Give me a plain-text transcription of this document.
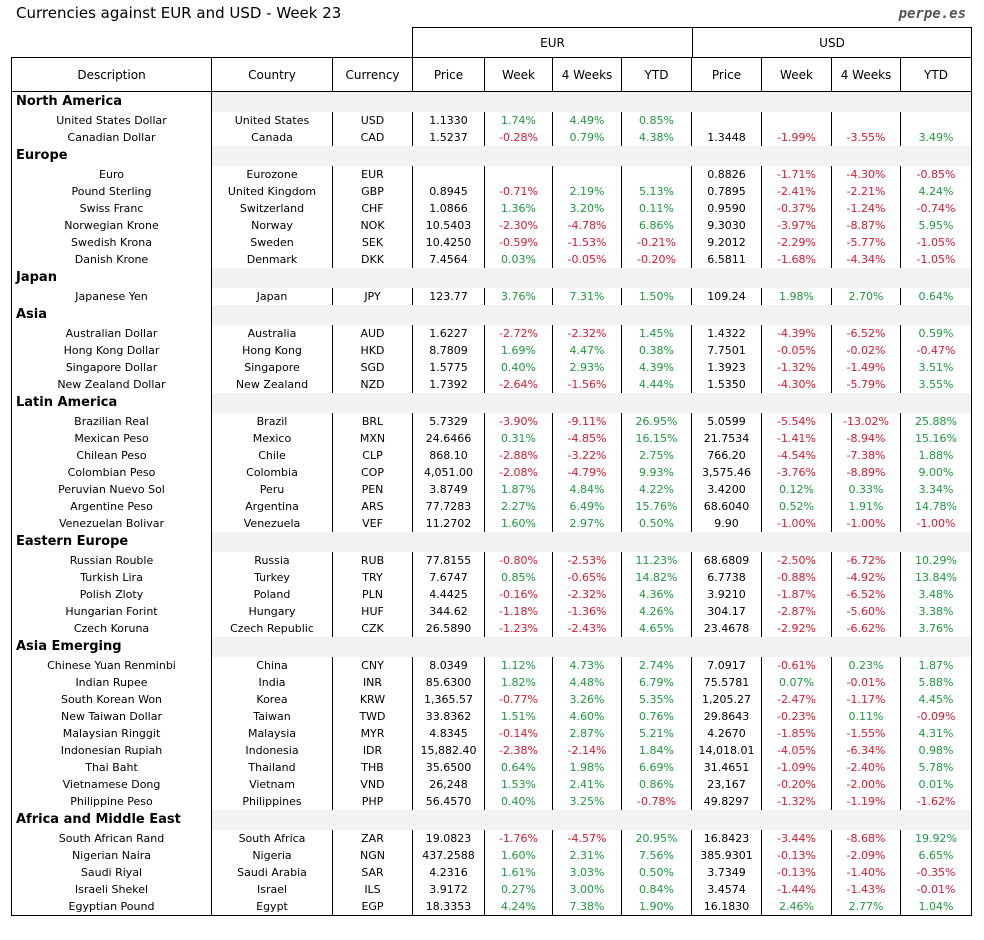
Currencies against EUR and USD - Week 23	perpe.es
EUR	USD
Description	Country	Currency	Price	Week	4 Weeks	YTD	Price	Week	4 Weeks	YTD
North America										
United States Dollar	United States	USD	1.1330	1.74%	4.49%	0.85%				
Canadian Dollar	Canada	CAD	1.5237	-0.28%	0.79%	4.38%	1.3448	-1.99%	-3.55%	3.49%
Europe										
Euro	Eurozone	EUR					0.8826	-1.71%	-4.30%	-0.85%
Pound Sterling	United Kingdom	GBP	0.8945	-0.71%	2.19%	5.13%	0.7895	-2.41%	-2.21%	4.24%
Swiss Franc	Switzerland	CHF	1.0866	1.36%	3.20%	0.11%	0.9590	-0.37%	-1.24%	-0.74%
Norwegian Krone	Norway	NOK	10.5403	-2.30%	-4.78%	6.86%	9.3030	-3.97%	-8.87%	5.95%
Swedish Krona	Sweden	SEK	10.4250	-0.59%	-1.53%	-0.21%	9.2012	-2.29%	-5.77%	-1.05%
Danish Krone	Denmark	DKK	7.4564	0.03%	-0.05%	-0.20%	6.5811	-1.68%	-4.34%	-1.05%
Japan										
Japanese Yen	Japan	JPY	123.77	3.76%	7.31%	1.50%	109.24	1.98%	2.70%	0.64%
Asia										
Australian Dollar	Australia	AUD	1.6227	-2.72%	-2.32%	1.45%	1.4322	-4.39%	-6.52%	0.59%
Hong Kong Dollar	Hong Kong	HKD	8.7809	1.69%	4.47%	0.38%	7.7501	-0.05%	-0.02%	-0.47%
Singapore Dollar	Singapore	SGD	1.5775	0.40%	2.93%	4.39%	1.3923	-1.32%	-1.49%	3.51%
New Zealand Dollar	New Zealand	NZD	1.7392	-2.64%	-1.56%	4.44%	1.5350	-4.30%	-5.79%	3.55%
Latin America										
Brazilian Real	Brazil	BRL	5.7329	-3.90%	-9.11%	26.95%	5.0599	-5.54%	-13.02%	25.88%
Mexican Peso	Mexico	MXN	24.6466	0.31%	-4.85%	16.15%	21.7534	-1.41%	-8.94%	15.16%
Chilean Peso	Chile	CLP	868.10	-2.88%	-3.22%	2.75%	766.20	-4.54%	-7.38%	1.88%
Colombian Peso	Colombia	COP	4,051.00	-2.08%	-4.79%	9.93%	3,575.46	-3.76%	-8.89%	9.00%
Peruvian Nuevo Sol	Peru	PEN	3.8749	1.87%	4.84%	4.22%	3.4200	0.12%	0.33%	3.34%
Argentine Peso	Argentina	ARS	77.7283	2.27%	6.49%	15.76%	68.6040	0.52%	1.91%	14.78%
Venezuelan Bolivar	Venezuela	VEF	11.2702	1.60%	2.97%	0.50%	9.90	-1.00%	-1.00%	-1.00%
Eastern Europe										
Russian Rouble	Russia	RUB	77.8155	-0.80%	-2.53%	11.23%	68.6809	-2.50%	-6.72%	10.29%
Turkish Lira	Turkey	TRY	7.6747	0.85%	-0.65%	14.82%	6.7738	-0.88%	-4.92%	13.84%
Polish Zloty	Poland	PLN	4.4425	-0.16%	-2.32%	4.36%	3.9210	-1.87%	-6.52%	3.48%
Hungarian Forint	Hungary	HUF	344.62	-1.18%	-1.36%	4.26%	304.17	-2.87%	-5.60%	3.38%
Czech Koruna	Czech Republic	CZK	26.5890	-1.23%	-2.43%	4.65%	23.4678	-2.92%	-6.62%	3.76%
Asia Emerging										
Chinese Yuan Renminbi	China	CNY	8.0349	1.12%	4.73%	2.74%	7.0917	-0.61%	0.23%	1.87%
Indian Rupee	India	INR	85.6300	1.82%	4.48%	6.79%	75.5781	0.07%	-0.01%	5.88%
South Korean Won	Korea	KRW	1,365.57	-0.77%	3.26%	5.35%	1,205.27	-2.47%	-1.17%	4.45%
New Taiwan Dollar	Taiwan	TWD	33.8362	1.51%	4.60%	0.76%	29.8643	-0.23%	0.11%	-0.09%
Malaysian Ringgit	Malaysia	MYR	4.8345	-0.14%	2.87%	5.21%	4.2670	-1.85%	-1.55%	4.31%
Indonesian Rupiah	Indonesia	IDR	15,882.40	-2.38%	-2.14%	1.84%	14,018.01	-4.05%	-6.34%	0.98%
Thai Baht	Thailand	THB	35.6500	0.64%	1.98%	6.69%	31.4651	-1.09%	-2.40%	5.78%
Vietnamese Dong	Vietnam	VND	26,248	1.53%	2.41%	0.86%	23,167	-0.20%	-2.00%	0.01%
Philippine Peso	Philippines	PHP	56.4570	0.40%	3.25%	-0.78%	49.8297	-1.32%	-1.19%	-1.62%
Africa and Middle East										
South African Rand	South Africa	ZAR	19.0823	-1.76%	-4.57%	20.95%	16.8423	-3.44%	-8.68%	19.92%
Nigerian Naira	Nigeria	NGN	437.2588	1.60%	2.31%	7.56%	385.9301	-0.13%	-2.09%	6.65%
Saudi Riyal	Saudi Arabia	SAR	4.2316	1.61%	3.03%	0.50%	3.7349	-0.13%	-1.40%	-0.35%
Israeli Shekel	Israel	ILS	3.9172	0.27%	3.00%	0.84%	3.4574	-1.44%	-1.43%	-0.01%
Egyptian Pound	Egypt	EGP	18.3353	4.24%	7.38%	1.90%	16.1830	2.46%	2.77%	1.04%
